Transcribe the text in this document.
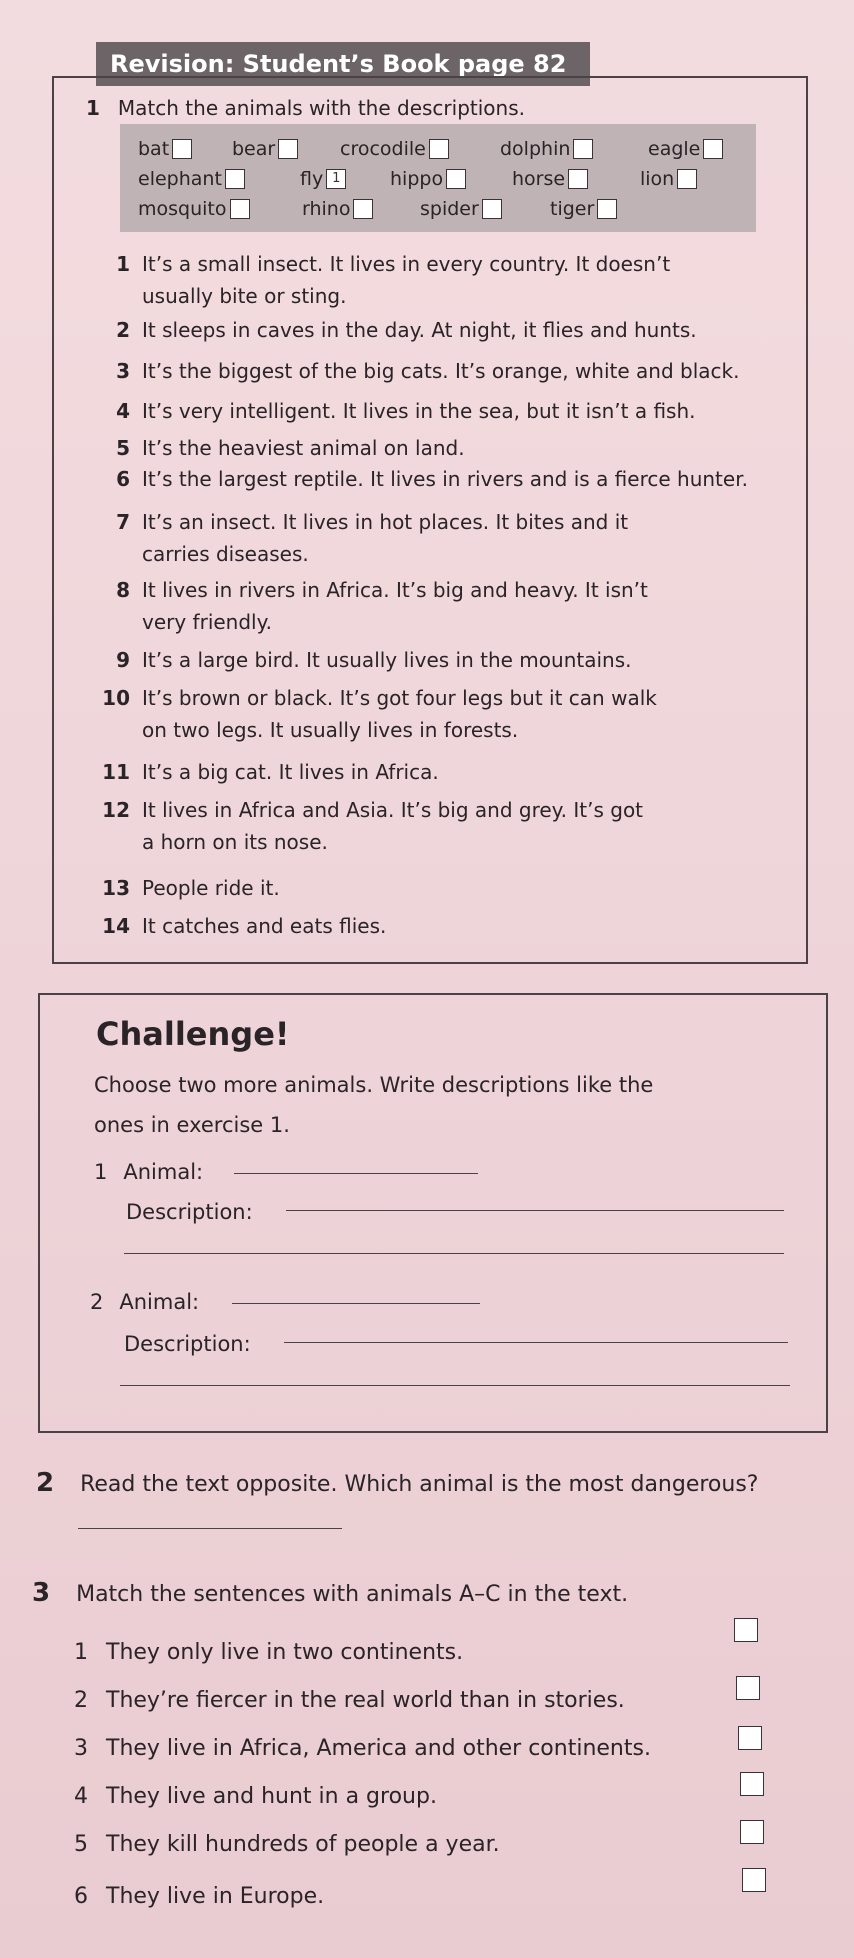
Revision: Student’s Book page 82
1 Match the animals with the descriptions.
bat	bear	crocodile	dolphin	eagle
elephant	fly 1	hippo	horse	lion
mosquito	rhino	spider	tiger
1 It’s a small insect. It lives in every country. It doesn’t
usually bite or sting.
2 It sleeps in caves in the day. At night, it flies and hunts.
3 It’s the biggest of the big cats. It’s orange, white and black.
4 It’s very intelligent. It lives in the sea, but it isn’t a fish.
5 It’s the heaviest animal on land.
6 It’s the largest reptile. It lives in rivers and is a fierce hunter.
7 It’s an insect. It lives in hot places. It bites and it
carries diseases.
8 It lives in rivers in Africa. It’s big and heavy. It isn’t
very friendly.
9 It’s a large bird. It usually lives in the mountains.
10 It’s brown or black. It’s got four legs but it can walk
on two legs. It usually lives in forests.
11 It’s a big cat. It lives in Africa.
12 It lives in Africa and Asia. It’s big and grey. It’s got
a horn on its nose.
13 People ride it.
14 It catches and eats flies.
Challenge!
Choose two more animals. Write descriptions like the
ones in exercise 1.
1 Animal:
Description:
2 Animal:
Description:
2 Read the text opposite. Which animal is the most dangerous?
3 Match the sentences with animals A–C in the text.
1 They only live in two continents.
2 They’re fiercer in the real world than in stories.
3 They live in Africa, America and other continents.
4 They live and hunt in a group.
5 They kill hundreds of people a year.
6 They live in Europe.
